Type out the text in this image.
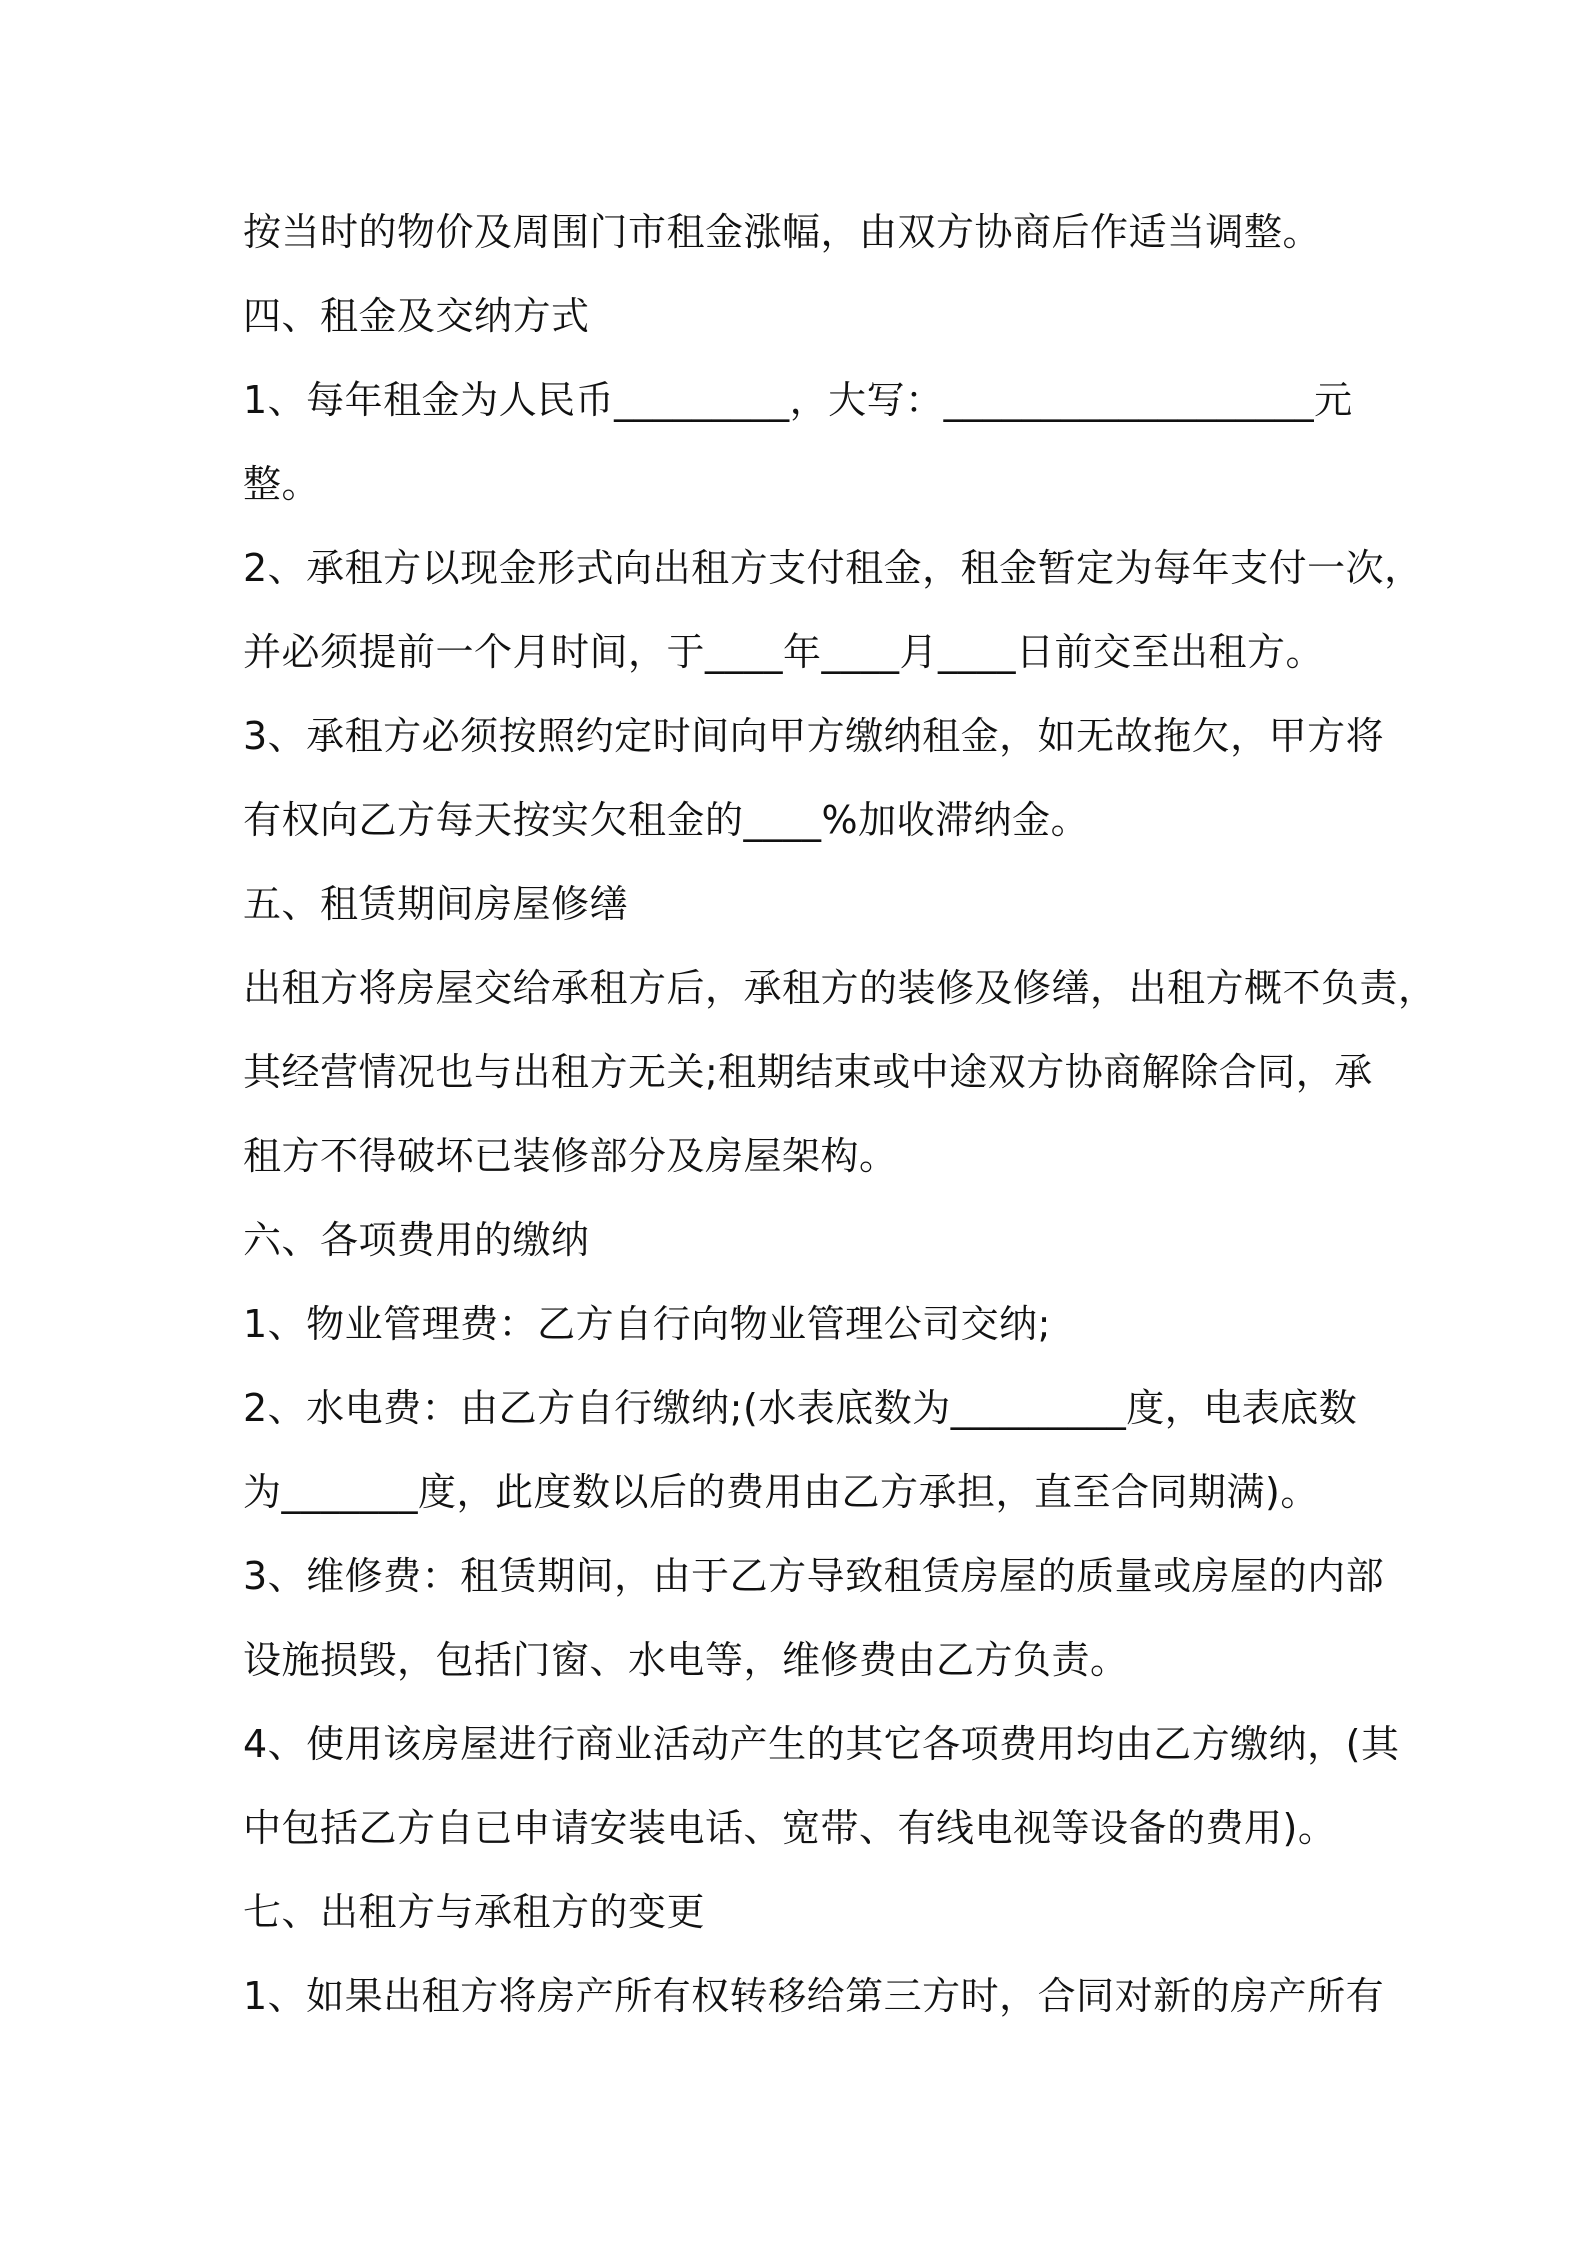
按当时的物价及周围门市租金涨幅，由双方协商后作适当调整。
四、租金及交纳方式
1、每年租金为人民币_________，大写：___________________元
整。
2、承租方以现金形式向出租方支付租金，租金暂定为每年支付一次，
并必须提前一个月时间，于____年____月____日前交至出租方。
3、承租方必须按照约定时间向甲方缴纳租金，如无故拖欠，甲方将
有权向乙方每天按实欠租金的____%加收滞纳金。
五、租赁期间房屋修缮
出租方将房屋交给承租方后，承租方的装修及修缮，出租方概不负责，
其经营情况也与出租方无关;租期结束或中途双方协商解除合同，承
租方不得破坏已装修部分及房屋架构。
六、各项费用的缴纳
1、物业管理费：乙方自行向物业管理公司交纳;
2、水电费：由乙方自行缴纳;(水表底数为_________度，电表底数
为_______度，此度数以后的费用由乙方承担，直至合同期满)。
3、维修费：租赁期间，由于乙方导致租赁房屋的质量或房屋的内部
设施损毁，包括门窗、水电等，维修费由乙方负责。
4、使用该房屋进行商业活动产生的其它各项费用均由乙方缴纳，(其
中包括乙方自已申请安装电话、宽带、有线电视等设备的费用)。
七、出租方与承租方的变更
1、如果出租方将房产所有权转移给第三方时，合同对新的房产所有
